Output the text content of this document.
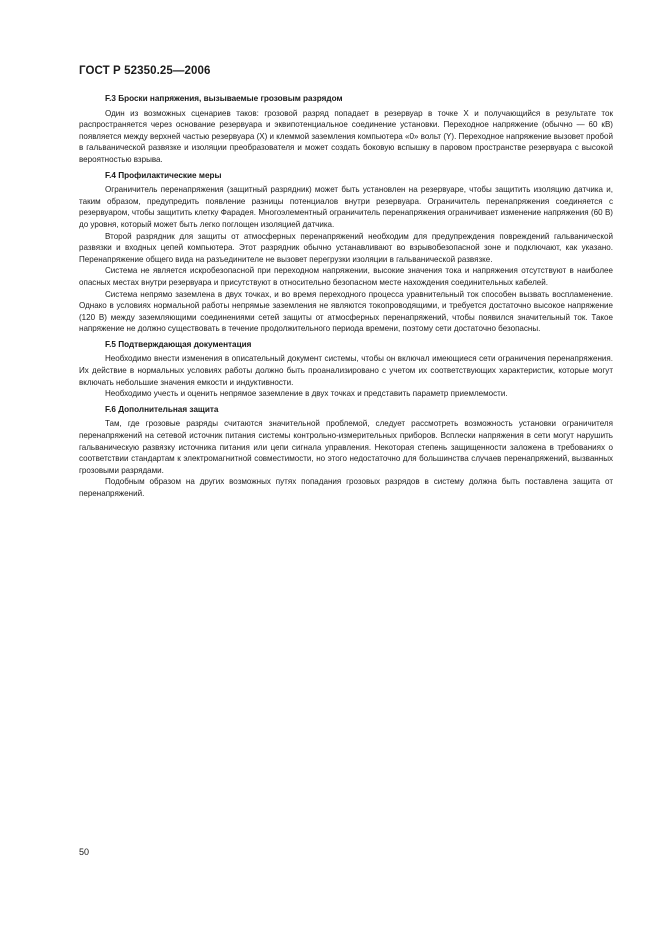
ГОСТ Р 52350.25—2006

F.3 Броски напряжения, вызываемые грозовым разрядом

Один из возможных сценариев таков: грозовой разряд попадает в резервуар в точке X и получающийся в результате ток распространяется через основание резервуара и эквипотенциальное соединение установки. Переходное напряжение (обычно — 60 кВ) появляется между верхней частью резервуара (X) и клеммой заземления компьютера «0» вольт (Y). Переходное напряжение вызовет пробой в гальванической развязке и изоляции преобразователя и может создать боковую вспышку в паровом пространстве резервуара с высокой вероятностью взрыва.

F.4 Профилактические меры

Ограничитель перенапряжения (защитный разрядник) может быть установлен на резервуаре, чтобы защитить изоляцию датчика и, таким образом, предупредить появление разницы потенциалов внутри резервуара. Ограничитель перенапряжения соединяется с резервуаром, чтобы защитить клетку Фарадея. Многоэлементный ограничитель перенапряжения ограничивает изменение напряжения (60 В) до уровня, который может быть легко поглощен изоляцией датчика.

Второй разрядник для защиты от атмосферных перенапряжений необходим для предупреждения повреждений гальванической развязки и входных цепей компьютера. Этот разрядник обычно устанавливают во взрывобезопасной зоне и подключают, как указано. Перенапряжение общего вида на разъединителе не вызовет перегрузки изоляции в гальванической развязке.

Система не является искробезопасной при переходном напряжении, высокие значения тока и напряжения отсутствуют в наиболее опасных местах внутри резервуара и присутствуют в относительно безопасном месте нахождения соединительных кабелей.

Система непрямо заземлена в двух точках, и во время переходного процесса уравнительный ток способен вызвать воспламенение. Однако в условиях нормальной работы непрямые заземления не являются токопроводящими, и требуется достаточно высокое напряжение (120 В) между заземляющими соединениями сетей защиты от атмосферных перенапряжений, чтобы появился значительный ток. Такое напряжение не должно существовать в течение продолжительного периода времени, поэтому сети достаточно безопасны.

F.5 Подтверждающая документация

Необходимо внести изменения в описательный документ системы, чтобы он включал имеющиеся сети ограничения перенапряжения. Их действие в нормальных условиях работы должно быть проанализировано с учетом их соответствующих характеристик, которые могут включать небольшие значения емкости и индуктивности.

Необходимо учесть и оценить непрямое заземление в двух точках и представить параметр приемлемости.

F.6 Дополнительная защита

Там, где грозовые разряды считаются значительной проблемой, следует рассмотреть возможность установки ограничителя перенапряжений на сетевой источник питания системы контрольно-измерительных приборов. Всплески напряжения в сети могут нарушить гальваническую развязку источника питания или цепи сигнала управления. Некоторая степень защищенности заложена в требованиях о соответствии стандартам к электромагнитной совместимости, но этого недостаточно для большинства случаев перенапряжений, вызванных грозовыми разрядами.

Подобным образом на других возможных путях попадания грозовых разрядов в систему должна быть поставлена защита от перенапряжений.

50
